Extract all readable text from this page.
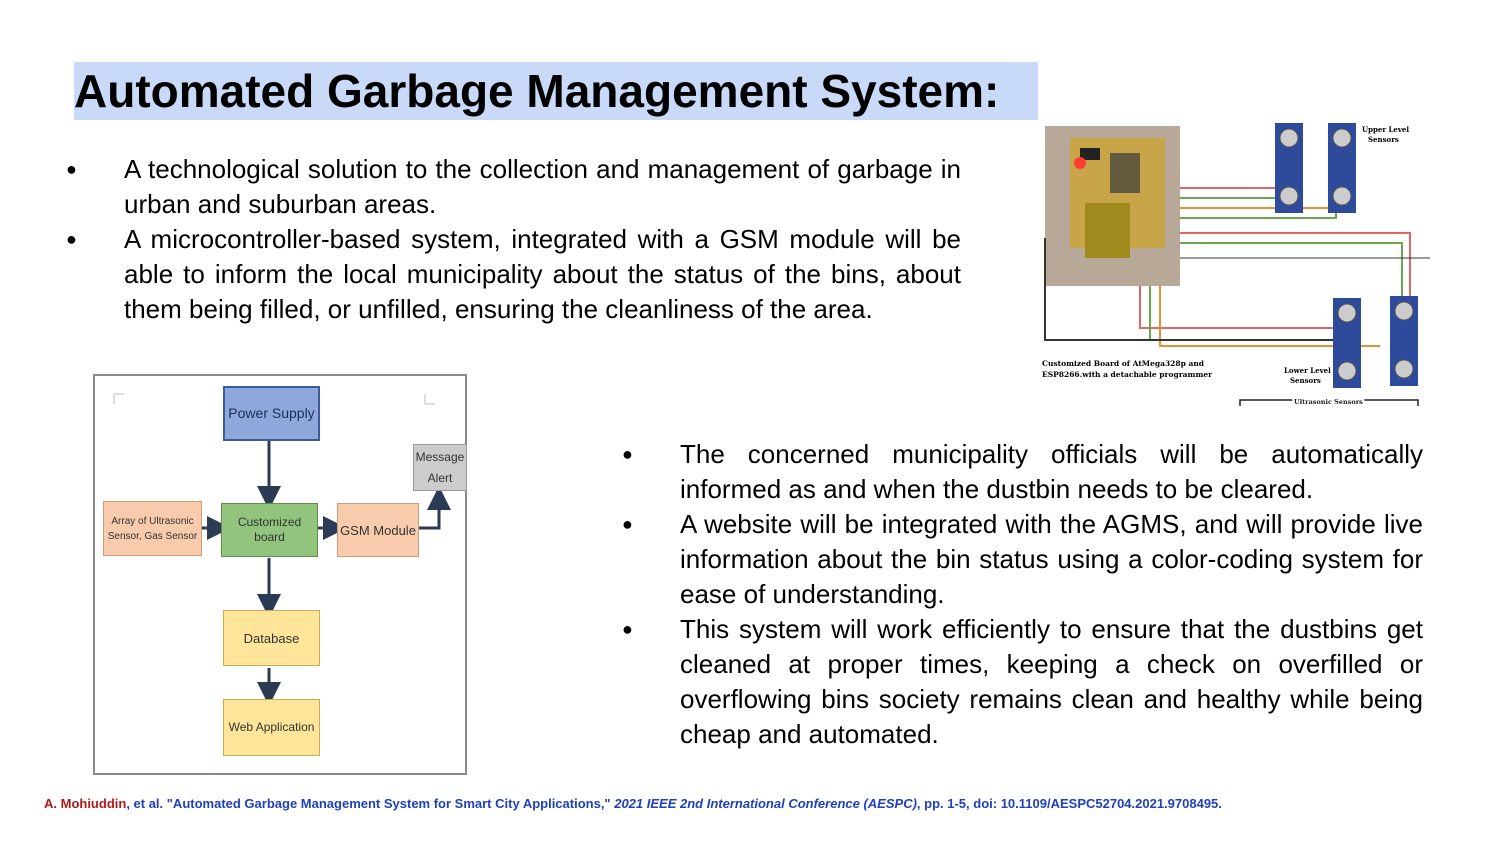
Automated Garbage Management System:
● A technological solution to the collection and management of garbage in urban and suburban areas.
● A microcontroller-based system, integrated with a GSM module will be able to inform the local municipality about the status of the bins, about them being filled, or unfilled, ensuring the cleanliness of the area.
Power Supply
Message
Alert
Array of Ultrasonic
Sensor, Gas Sensor
Customized board	GSM Module
Database
Web Application
Upper Level
Sensors
Lower Level
Sensors
Customized Board of AtMega328p and
ESP8266.with a detachable programmer
Ultrasonic Sensors
● The concerned municipality officials will be automatically informed as and when the dustbin needs to be cleared.
● A website will be integrated with the AGMS, and will provide live information about the bin status using a color-coding system for ease of understanding.
● This system will work efficiently to ensure that the dustbins get cleaned at proper times, keeping a check on overfilled or overflowing bins society remains clean and healthy while being cheap and automated.
A. Mohiuddin, et al. "Automated Garbage Management System for Smart City Applications," 2021 IEEE 2nd International Conference (AESPC), pp. 1-5, doi: 10.1109/AESPC52704.2021.9708495.
